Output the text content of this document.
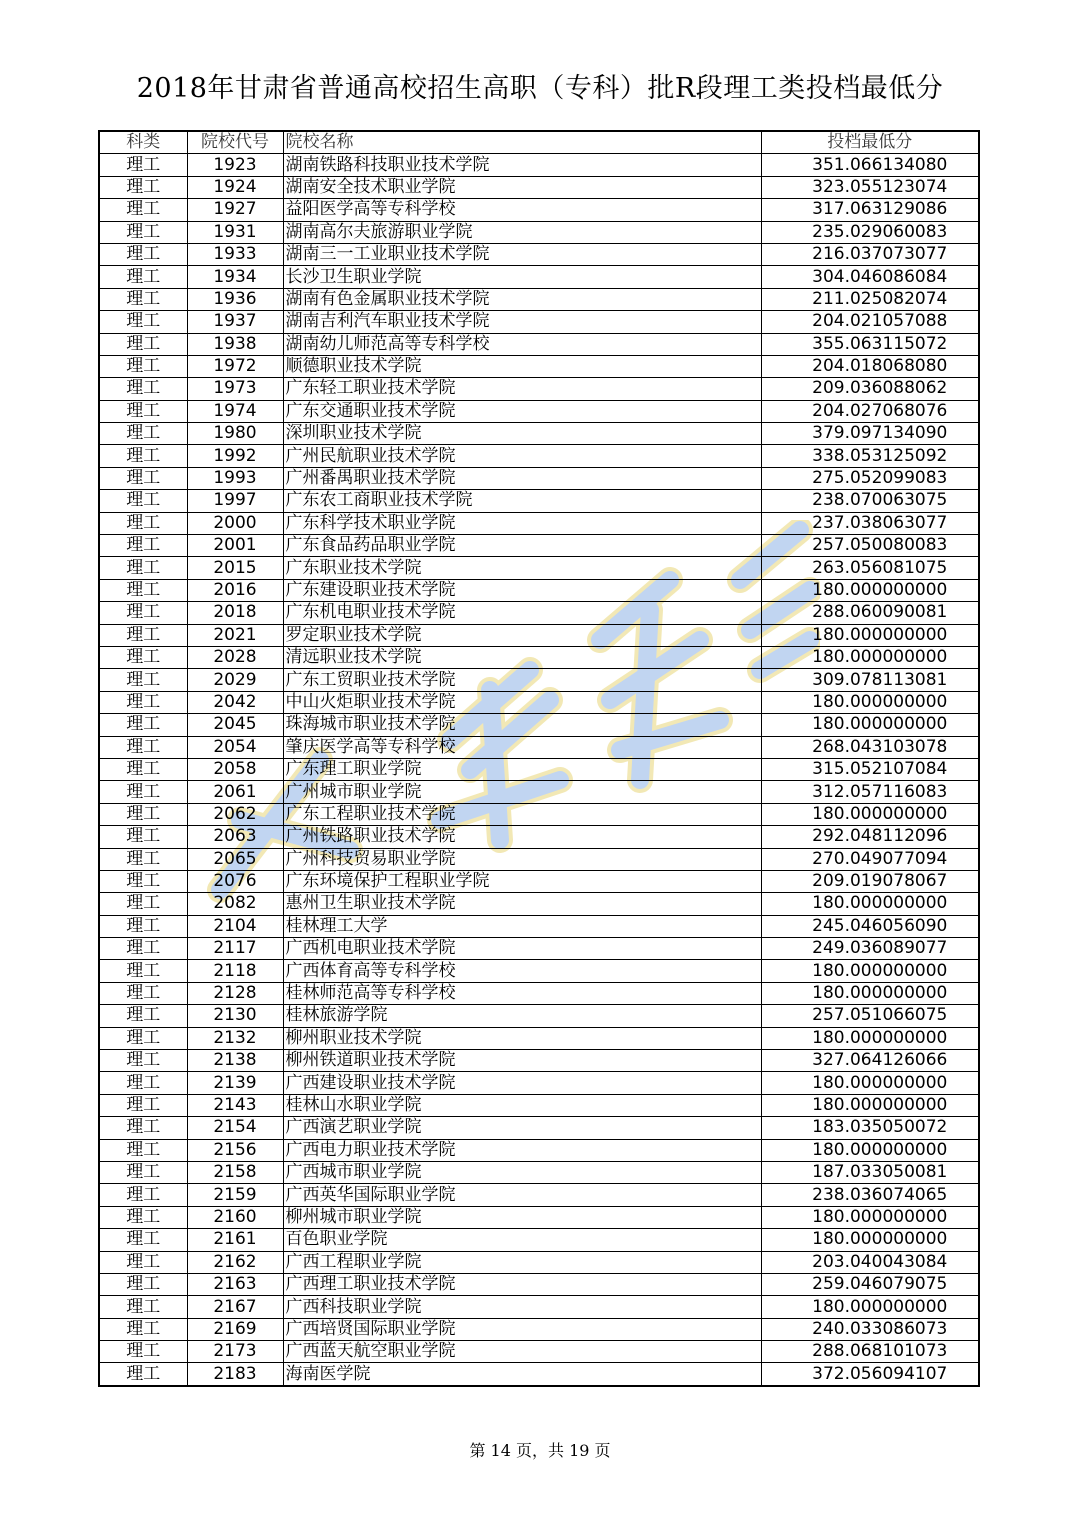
2018年甘肃省普通高校招生高职（专科）批R段理工类投档最低分
科类	院校代号	院校名称	投档最低分
理工	1923	湖南铁路科技职业技术学院	351.066134080
理工	1924	湖南安全技术职业学院	323.055123074
理工	1927	益阳医学高等专科学校	317.063129086
理工	1931	湖南高尔夫旅游职业学院	235.029060083
理工	1933	湖南三一工业职业技术学院	216.037073077
理工	1934	长沙卫生职业学院	304.046086084
理工	1936	湖南有色金属职业技术学院	211.025082074
理工	1937	湖南吉利汽车职业技术学院	204.021057088
理工	1938	湖南幼儿师范高等专科学校	355.063115072
理工	1972	顺德职业技术学院	204.018068080
理工	1973	广东轻工职业技术学院	209.036088062
理工	1974	广东交通职业技术学院	204.027068076
理工	1980	深圳职业技术学院	379.097134090
理工	1992	广州民航职业技术学院	338.053125092
理工	1993	广州番禺职业技术学院	275.052099083
理工	1997	广东农工商职业技术学院	238.070063075
理工	2000	广东科学技术职业学院	237.038063077
理工	2001	广东食品药品职业学院	257.050080083
理工	2015	广东职业技术学院	263.056081075
理工	2016	广东建设职业技术学院	180.000000000
理工	2018	广东机电职业技术学院	288.060090081
理工	2021	罗定职业技术学院	180.000000000
理工	2028	清远职业技术学院	180.000000000
理工	2029	广东工贸职业技术学院	309.078113081
理工	2042	中山火炬职业技术学院	180.000000000
理工	2045	珠海城市职业技术学院	180.000000000
理工	2054	肇庆医学高等专科学校	268.043103078
理工	2058	广东理工职业学院	315.052107084
理工	2061	广州城市职业学院	312.057116083
理工	2062	广东工程职业技术学院	180.000000000
理工	2063	广州铁路职业技术学院	292.048112096
理工	2065	广州科技贸易职业学院	270.049077094
理工	2076	广东环境保护工程职业学院	209.019078067
理工	2082	惠州卫生职业技术学院	180.000000000
理工	2104	桂林理工大学	245.046056090
理工	2117	广西机电职业技术学院	249.036089077
理工	2118	广西体育高等专科学校	180.000000000
理工	2128	桂林师范高等专科学校	180.000000000
理工	2130	桂林旅游学院	257.051066075
理工	2132	柳州职业技术学院	180.000000000
理工	2138	柳州铁道职业技术学院	327.064126066
理工	2139	广西建设职业技术学院	180.000000000
理工	2143	桂林山水职业学院	180.000000000
理工	2154	广西演艺职业学院	183.035050072
理工	2156	广西电力职业技术学院	180.000000000
理工	2158	广西城市职业学院	187.033050081
理工	2159	广西英华国际职业学院	238.036074065
理工	2160	柳州城市职业学院	180.000000000
理工	2161	百色职业学院	180.000000000
理工	2162	广西工程职业学院	203.040043084
理工	2163	广西理工职业技术学院	259.046079075
理工	2167	广西科技职业学院	180.000000000
理工	2169	广西培贤国际职业学院	240.033086073
理工	2173	广西蓝天航空职业学院	288.068101073
理工	2183	海南医学院	372.056094107
第 14 页，共 19 页
